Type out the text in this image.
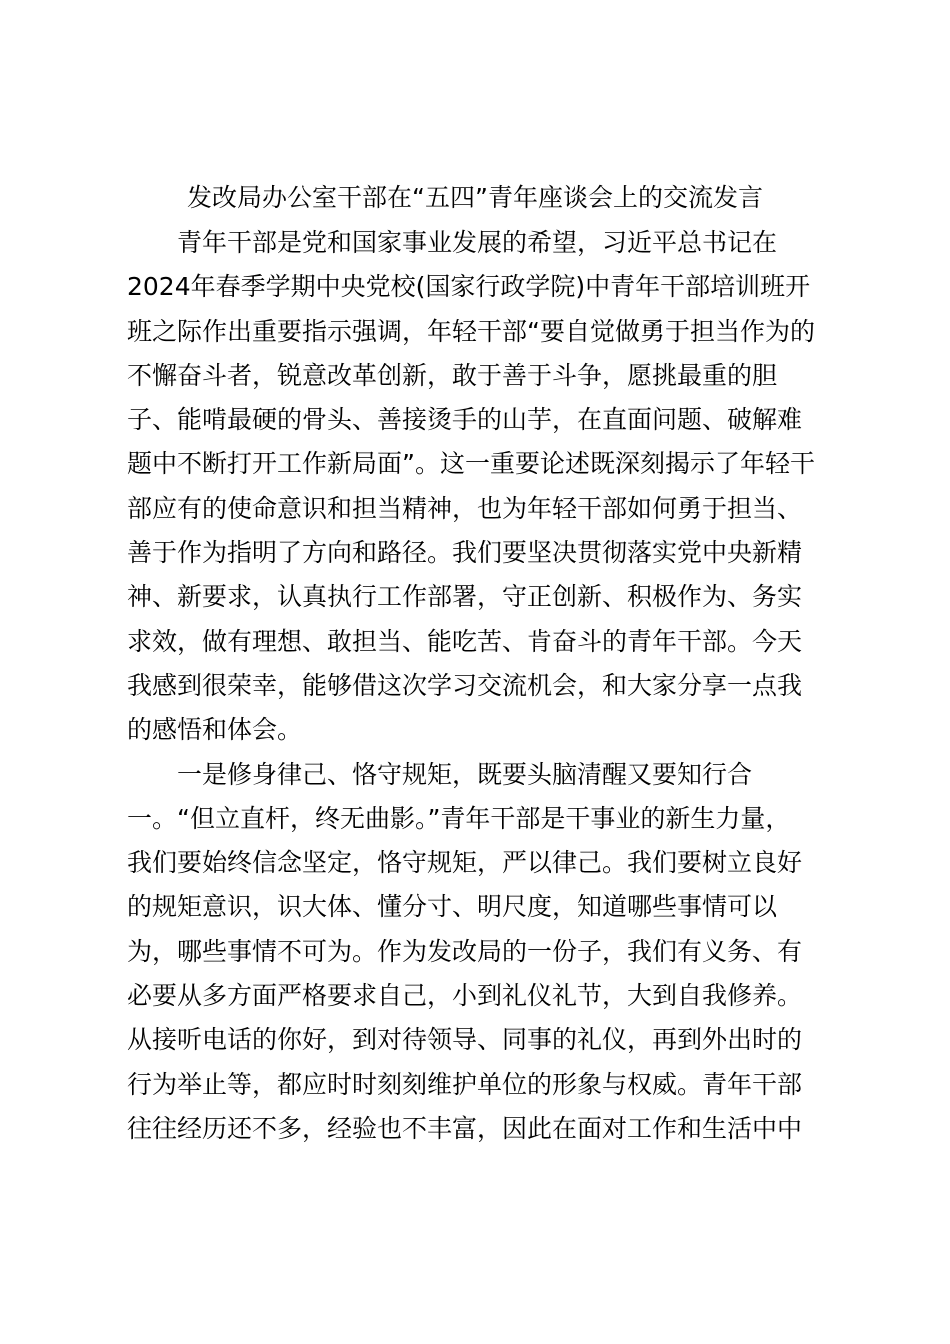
发改局办公室干部在“五四”青年座谈会上的交流发言
青年干部是党和国家事业发展的希望，习近平总书记在
2024年春季学期中央党校(国家行政学院)中青年干部培训班开
班之际作出重要指示强调，年轻干部“要自觉做勇于担当作为的
不懈奋斗者，锐意改革创新，敢于善于斗争，愿挑最重的胆
子、能啃最硬的骨头、善接烫手的山芋，在直面问题、破解难
题中不断打开工作新局面”。这一重要论述既深刻揭示了年轻干
部应有的使命意识和担当精神，也为年轻干部如何勇于担当、
善于作为指明了方向和路径。我们要坚决贯彻落实党中央新精
神、新要求，认真执行工作部署，守正创新、积极作为、务实
求效，做有理想、敢担当、能吃苦、肯奋斗的青年干部。今天
我感到很荣幸，能够借这次学习交流机会，和大家分享一点我
的感悟和体会。
一是修身律己、恪守规矩，既要头脑清醒又要知行合
一。“但立直杆，终无曲影。”青年干部是干事业的新生力量，
我们要始终信念坚定，恪守规矩，严以律己。我们要树立良好
的规矩意识，识大体、懂分寸、明尺度，知道哪些事情可以
为，哪些事情不可为。作为发改局的一份子，我们有义务、有
必要从多方面严格要求自己，小到礼仪礼节，大到自我修养。
从接听电话的你好，到对待领导、同事的礼仪，再到外出时的
行为举止等，都应时时刻刻维护单位的形象与权威。青年干部
往往经历还不多，经验也不丰富，因此在面对工作和生活中中
